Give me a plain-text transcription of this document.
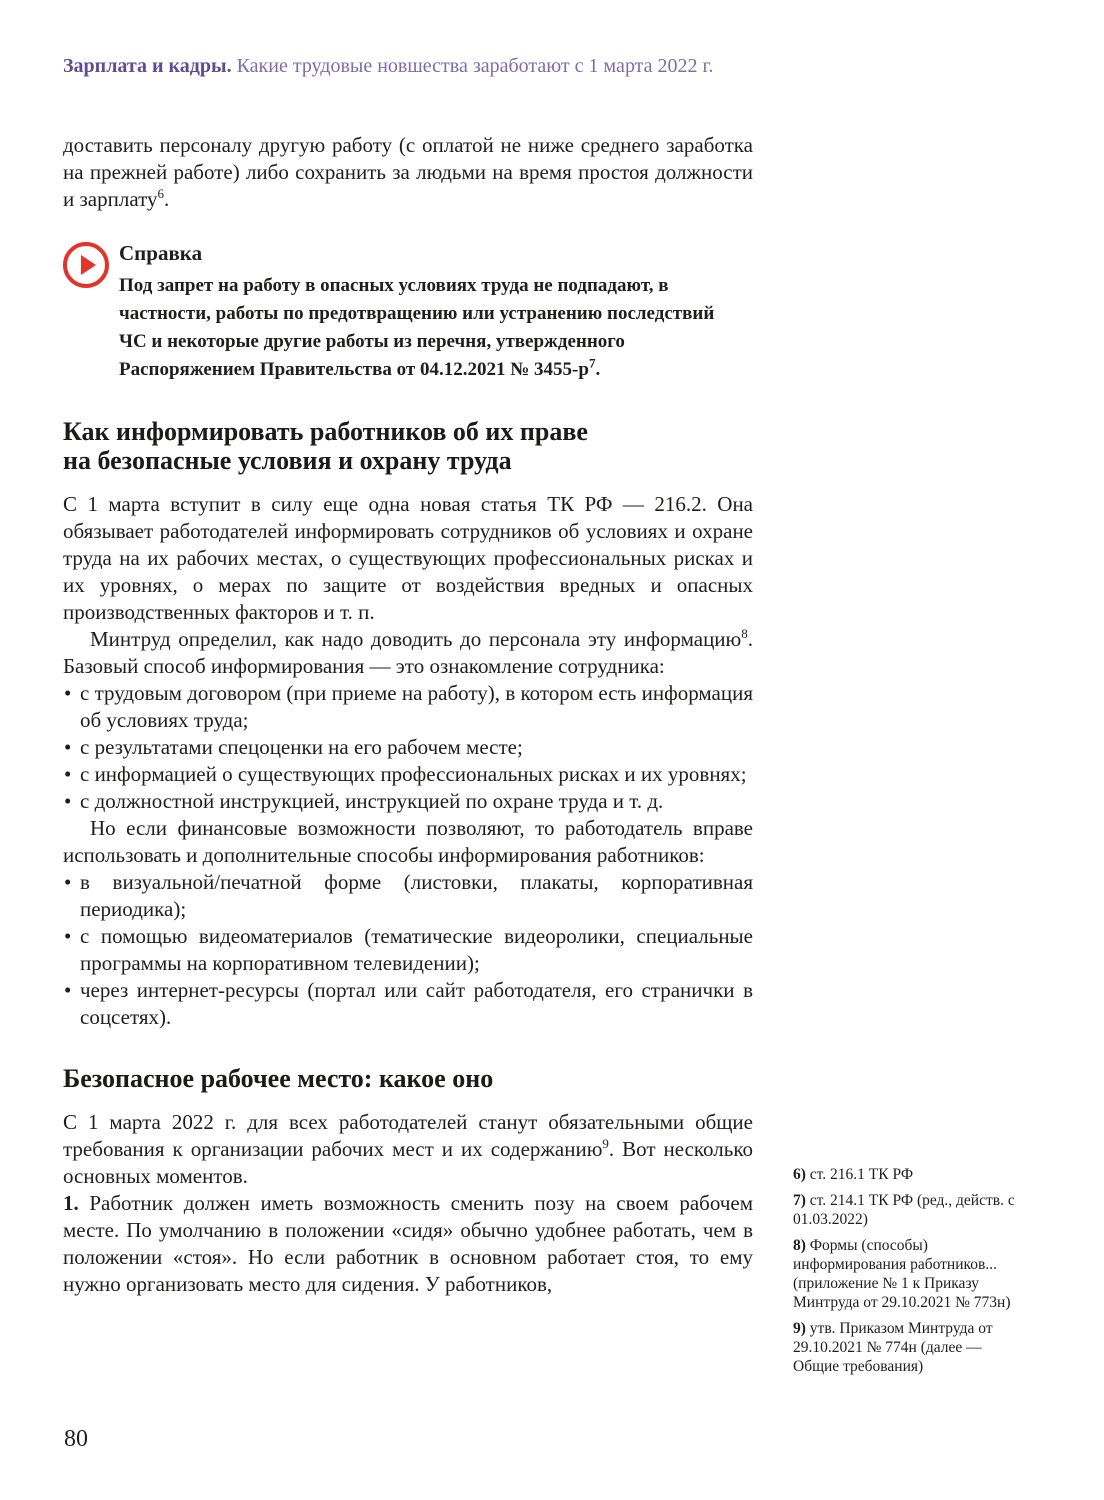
Зарплата и кадры. Какие трудовые новшества заработают с 1 марта 2022 г.

доставить персоналу другую работу (с оплатой не ниже среднего заработка на прежней работе) либо сохранить за людьми на время простоя должности и зарплату$^6$.

Справка

Под запрет на работу в опасных условиях труда не подпадают, в частности, работы по предотвращению или устранению последствий ЧС и некоторые другие работы из перечня, утвержденного Распоряжением Правительства от 04.12.2021 № 3455-р$^7$.

Как информировать работников об их праве
на безопасные условия и охрану труда

С 1 марта вступит в силу еще одна новая статья ТК РФ — 216.2. Она обязывает работодателей информировать сотрудников об условиях и охране труда на их рабочих местах, о существующих профессиональных рисках и их уровнях, о мерах по защите от воздействия вредных и опасных производственных факторов и т. п.

Минтруд определил, как надо доводить до персонала эту информацию$^8$. Базовый способ информирования — это ознакомление сотрудника:

• с трудовым договором (при приеме на работу), в котором есть информация об условиях труда;
• с результатами спецоценки на его рабочем месте;
• с информацией о существующих профессиональных рисках и их уровнях;
• с должностной инструкцией, инструкцией по охране труда и т. д.

Но если финансовые возможности позволяют, то работодатель вправе использовать и дополнительные способы информирования работников:

• в визуальной/печатной форме (листовки, плакаты, корпоративная периодика);
• с помощью видеоматериалов (тематические видеоролики, специальные программы на корпоративном телевидении);
• через интернет-ресурсы (портал или сайт работодателя, его странички в соцсетях).
Безопасное рабочее место: какое оно

С 1 марта 2022 г. для всех работодателей станут обязательными общие требования к организации рабочих мест и их содержанию$^9$. Вот несколько основных моментов.

1. Работник должен иметь возможность сменить позу на своем рабочем месте. По умолчанию в положении «сидя» обычно удобнее работать, чем в положении «стоя». Но если работник в основном работает стоя, то ему нужно организовать место для сидения. У работников,

6) ст. 216.1 ТК РФ
7) ст. 214.1 ТК РФ (ред., действ. с 01.03.2022)
8) Формы (способы) информирования работников... (приложение № 1 к Приказу Минтруда от 29.10.2021 № 773н)
9) утв. Приказом Минтруда от 29.10.2021 № 774н (далее — Общие требования)
80
